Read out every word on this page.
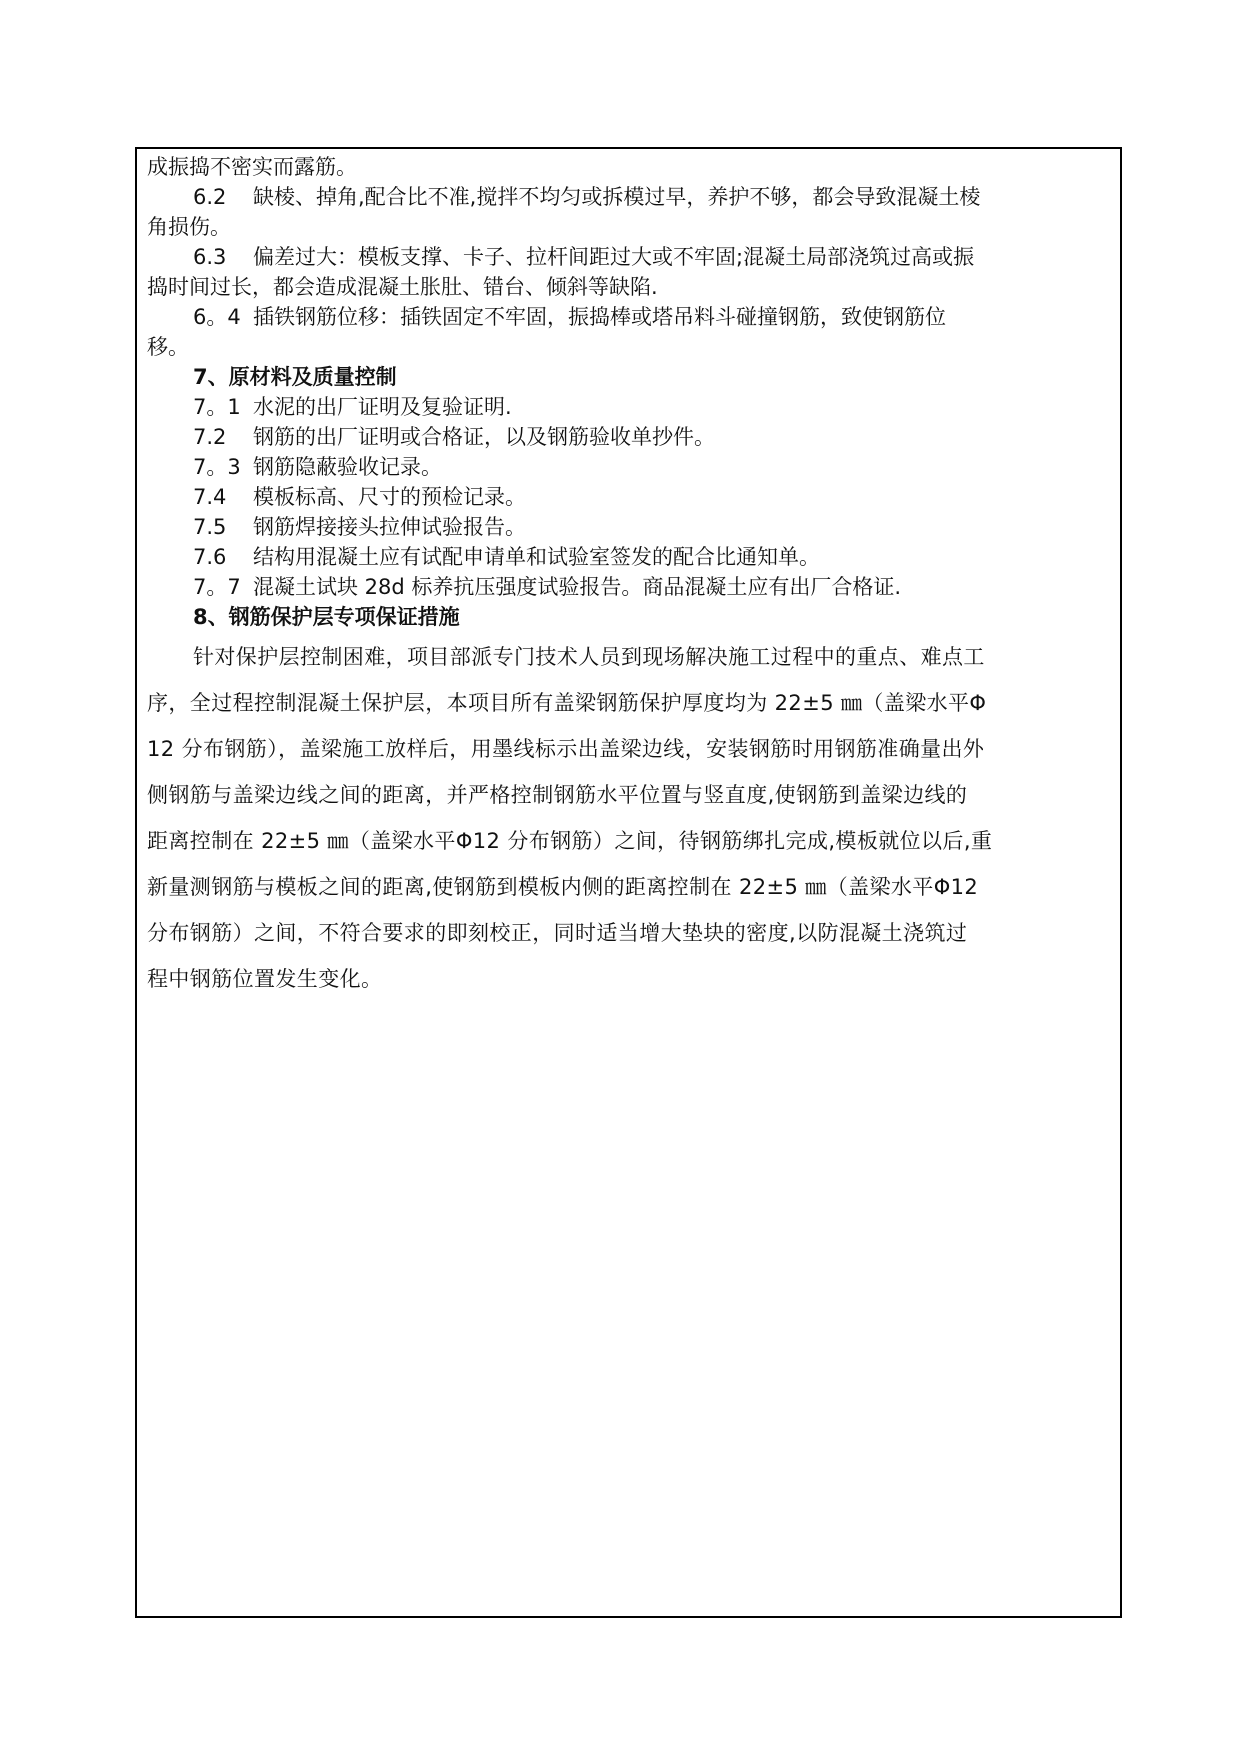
成振捣不密实而露筋。
6.2 缺棱、掉角,配合比不准,搅拌不均匀或拆模过早，养护不够，都会导致混凝土棱
角损伤。
6.3 偏差过大：模板支撑、卡子、拉杆间距过大或不牢固;混凝土局部浇筑过高或振
捣时间过长，都会造成混凝土胀肚、错台、倾斜等缺陷.
6。4 插铁钢筋位移：插铁固定不牢固，振捣棒或塔吊料斗碰撞钢筋，致使钢筋位
移。
7、原材料及质量控制
7。1 水泥的出厂证明及复验证明.
7.2 钢筋的出厂证明或合格证，以及钢筋验收单抄件。
7。3 钢筋隐蔽验收记录。
7.4 模板标高、尺寸的预检记录。
7.5 钢筋焊接接头拉伸试验报告。
7.6 结构用混凝土应有试配申请单和试验室签发的配合比通知单。
7。7 混凝土试块 28d 标养抗压强度试验报告。商品混凝土应有出厂合格证.
8、钢筋保护层专项保证措施
针对保护层控制困难，项目部派专门技术人员到现场解决施工过程中的重点、难点工
序，全过程控制混凝土保护层，本项目所有盖梁钢筋保护厚度均为 22±5 ㎜（盖梁水平Φ
12 分布钢筋），盖梁施工放样后，用墨线标示出盖梁边线，安装钢筋时用钢筋准确量出外
侧钢筋与盖梁边线之间的距离，并严格控制钢筋水平位置与竖直度,使钢筋到盖梁边线的
距离控制在 22±5 ㎜（盖梁水平Φ12 分布钢筋）之间，待钢筋绑扎完成,模板就位以后,重
新量测钢筋与模板之间的距离,使钢筋到模板内侧的距离控制在 22±5 ㎜（盖梁水平Φ12
分布钢筋）之间，不符合要求的即刻校正，同时适当增大垫块的密度,以防混凝土浇筑过
程中钢筋位置发生变化。
